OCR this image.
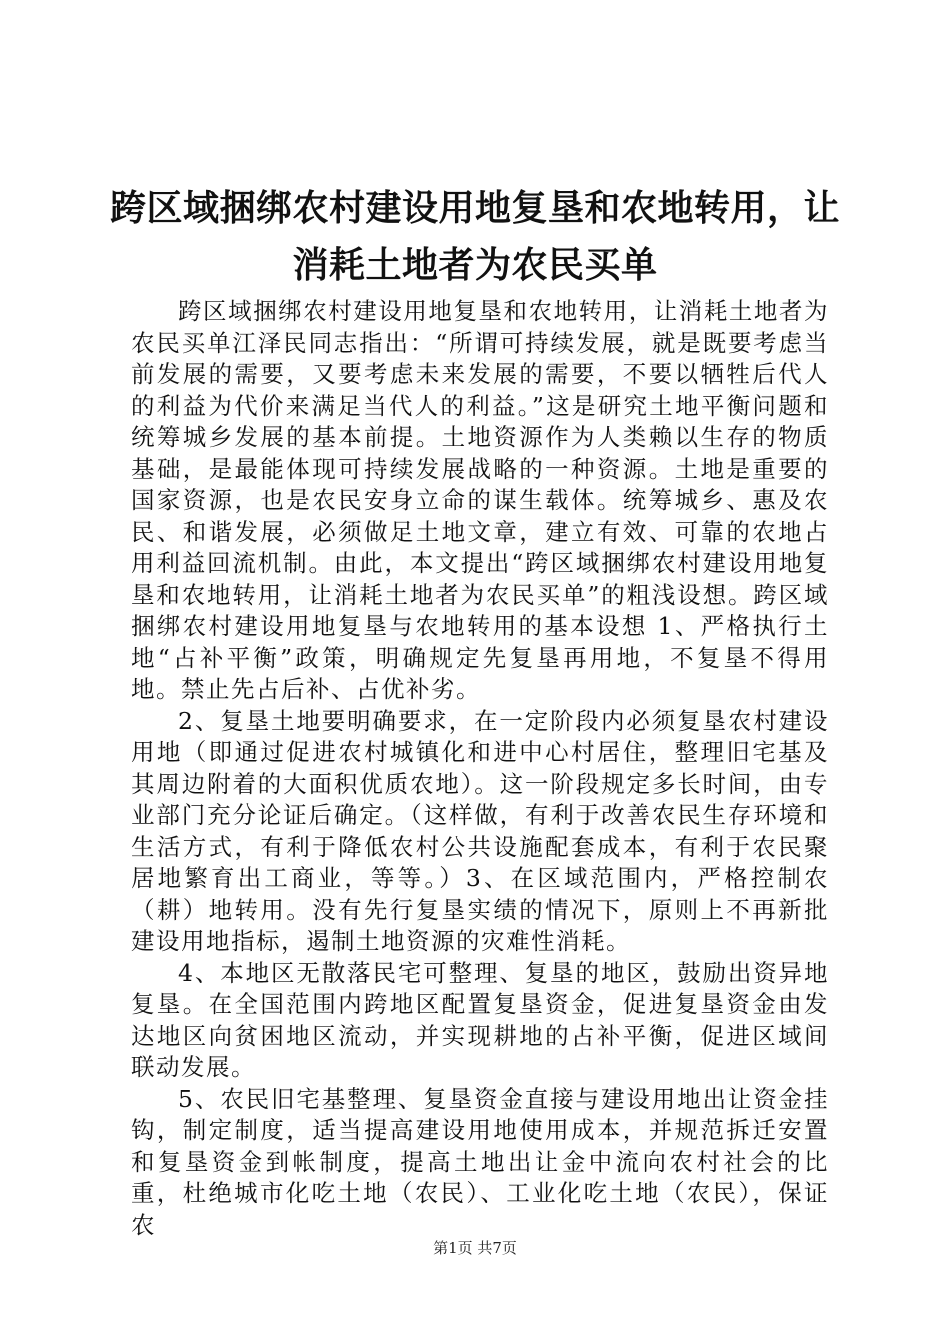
跨区域捆绑农村建设用地复垦和农地转用，让消耗土地者为农民买单

跨区域捆绑农村建设用地复垦和农地转用，让消耗土地者为农民买单江泽民同志指出：“所谓可持续发展，就是既要考虑当前发展的需要，又要考虑未来发展的需要，不要以牺牲后代人的利益为代价来满足当代人的利益。”这是研究土地平衡问题和统筹城乡发展的基本前提。土地资源作为人类赖以生存的物质基础，是最能体现可持续发展战略的一种资源。土地是重要的国家资源，也是农民安身立命的谋生载体。统筹城乡、惠及农民、和谐发展，必须做足土地文章，建立有效、可靠的农地占用利益回流机制。由此，本文提出“跨区域捆绑农村建设用地复垦和农地转用，让消耗土地者为农民买单”的粗浅设想。跨区域捆绑农村建设用地复垦与农地转用的基本设想 1、严格执行土地“占补平衡”政策，明确规定先复垦再用地，不复垦不得用地。禁止先占后补、占优补劣。

2、复垦土地要明确要求，在一定阶段内必须复垦农村建设用地（即通过促进农村城镇化和进中心村居住，整理旧宅基及其周边附着的大面积优质农地）。这一阶段规定多长时间，由专业部门充分论证后确定。（这样做，有利于改善农民生存环境和生活方式，有利于降低农村公共设施配套成本，有利于农民聚居地繁育出工商业，等等。）3、在区域范围内，严格控制农（耕）地转用。没有先行复垦实绩的情况下，原则上不再新批建设用地指标，遏制土地资源的灾难性消耗。

4、本地区无散落民宅可整理、复垦的地区，鼓励出资异地复垦。在全国范围内跨地区配置复垦资金，促进复垦资金由发达地区向贫困地区流动，并实现耕地的占补平衡，促进区域间联动发展。

5、农民旧宅基整理、复垦资金直接与建设用地出让资金挂钩，制定制度，适当提高建设用地使用成本，并规范拆迁安置和复垦资金到帐制度，提高土地出让金中流向农村社会的比重，杜绝城市化吃土地（农民）、工业化吃土地（农民），保证农

第1页 共7页
